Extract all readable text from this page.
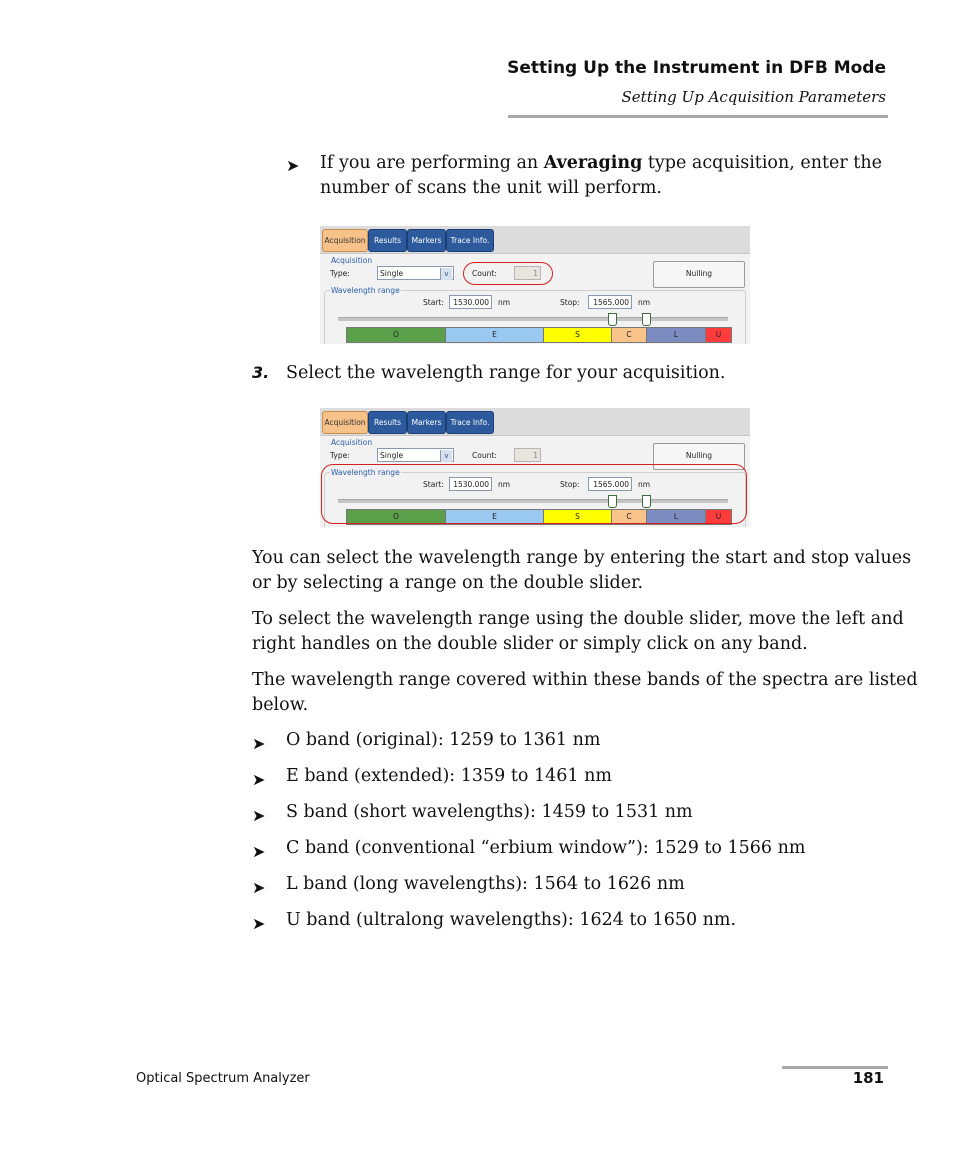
Setting Up the Instrument in DFB Mode
Setting Up Acquisition Parameters
➤ If you are performing an Averaging type acquisition, enter the
number of scans the unit will perform.
Acquisition	Results	Markers	Trace Info.
Acquisition
Type:	Single	v	Count:	1	Nulling
Wavelength range
Start:	1530.000	nm	Stop:	1565.000	nm
O	E	S	C	L	U
3. Select the wavelength range for your acquisition.
Acquisition	Results	Markers	Trace Info.
Acquisition
Type:	Single	v	Count:	1	Nulling
Wavelength range
Start:	1530.000	nm	Stop:	1565.000	nm
O	E	S	C	L	U
You can select the wavelength range by entering the start and stop values
or by selecting a range on the double slider.
To select the wavelength range using the double slider, move the left and
right handles on the double slider or simply click on any band.
The wavelength range covered within these bands of the spectra are listed
below.
➤ O band (original): 1259 to 1361 nm
➤ E band (extended): 1359 to 1461 nm
➤ S band (short wavelengths): 1459 to 1531 nm
➤ C band (conventional “erbium window”): 1529 to 1566 nm
➤ L band (long wavelengths): 1564 to 1626 nm
➤ U band (ultralong wavelengths): 1624 to 1650 nm.
Optical Spectrum Analyzer	181
